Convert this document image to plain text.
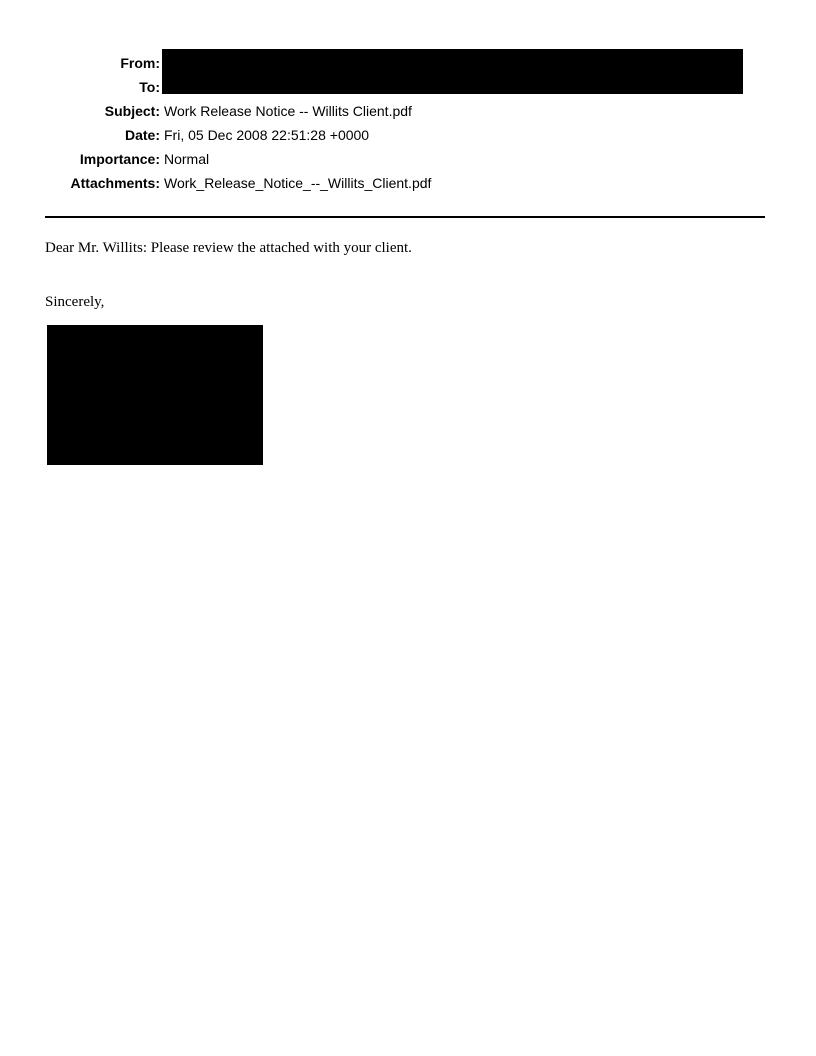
From:
To:
Subject: Work Release Notice -- Willits Client.pdf
Date: Fri, 05 Dec 2008 22:51:28 +0000
Importance: Normal
Attachments: Work_Release_Notice_--_Willits_Client.pdf
Dear Mr. Willits: Please review the attached with your client.
Sincerely,
